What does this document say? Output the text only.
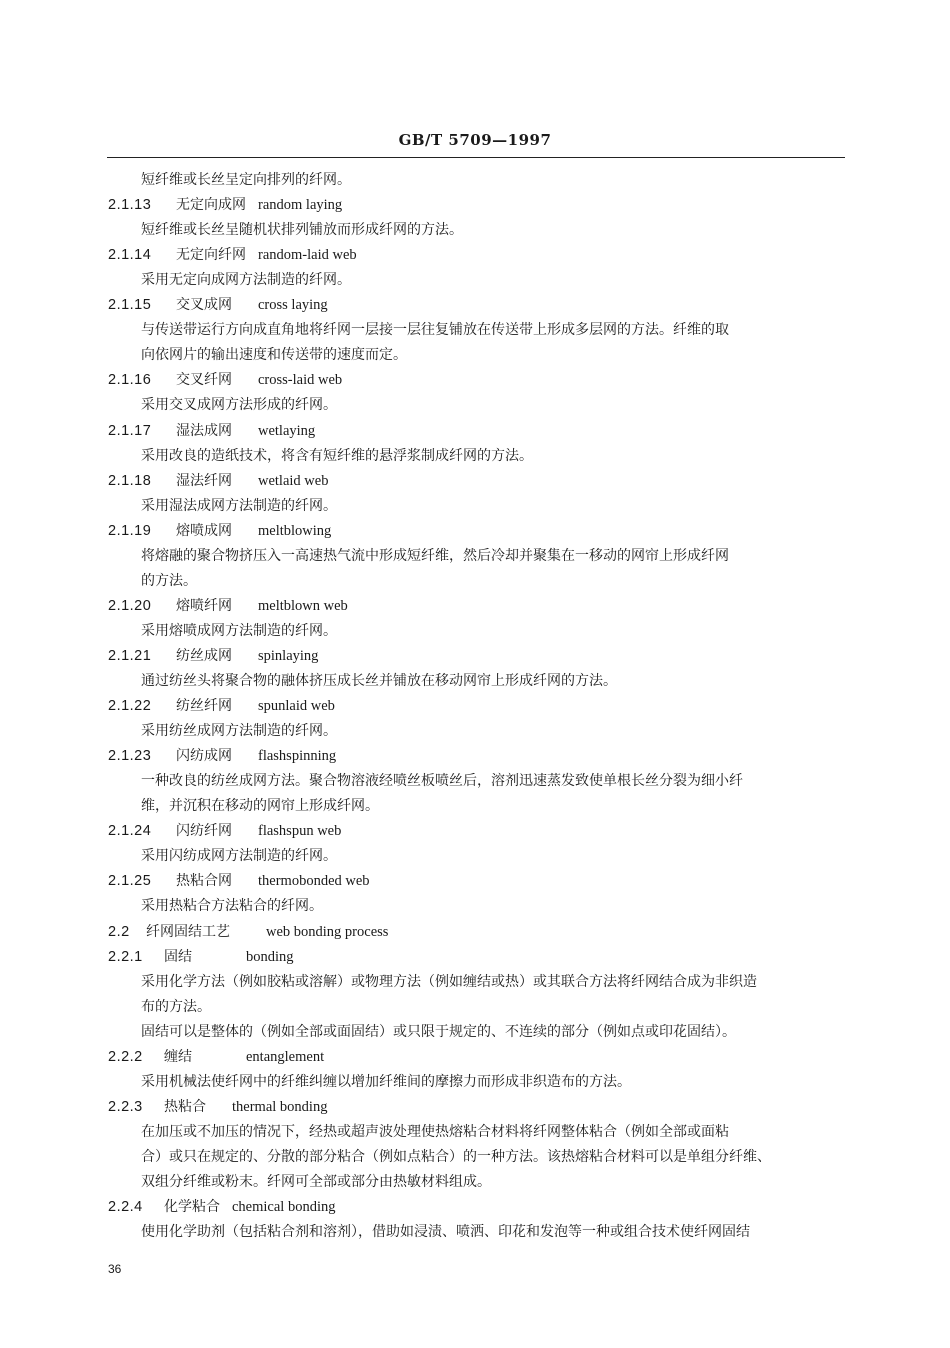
GB/T 5709—1997
短纤维或长丝呈定向排列的纤网。
2.1.13 无定向成网 random laying
短纤维或长丝呈随机状排列铺放而形成纤网的方法。
2.1.14 无定向纤网 random-laid web
采用无定向成网方法制造的纤网。
2.1.15 交叉成网 cross laying
与传送带运行方向成直角地将纤网一层接一层往复铺放在传送带上形成多层网的方法。纤维的取
向依网片的输出速度和传送带的速度而定。
2.1.16 交叉纤网 cross-laid web
采用交叉成网方法形成的纤网。
2.1.17 湿法成网 wetlaying
采用改良的造纸技术，将含有短纤维的悬浮浆制成纤网的方法。
2.1.18 湿法纤网 wetlaid web
采用湿法成网方法制造的纤网。
2.1.19 熔喷成网 meltblowing
将熔融的聚合物挤压入一高速热气流中形成短纤维，然后冷却并聚集在一移动的网帘上形成纤网
的方法。
2.1.20 熔喷纤网 meltblown web
采用熔喷成网方法制造的纤网。
2.1.21 纺丝成网 spinlaying
通过纺丝头将聚合物的融体挤压成长丝并铺放在移动网帘上形成纤网的方法。
2.1.22 纺丝纤网 spunlaid web
采用纺丝成网方法制造的纤网。
2.1.23 闪纺成网 flashspinning
一种改良的纺丝成网方法。聚合物溶液经喷丝板喷丝后，溶剂迅速蒸发致使单根长丝分裂为细小纤
维，并沉积在移动的网帘上形成纤网。
2.1.24 闪纺纤网 flashspun web
采用闪纺成网方法制造的纤网。
2.1.25 热粘合网 thermobonded web
采用热粘合方法粘合的纤网。
2.2 纤网固结工艺 web bonding process
2.2.1 固结	bonding
采用化学方法（例如胶粘或溶解）或物理方法（例如缠结或热）或其联合方法将纤网结合成为非织造
布的方法。
固结可以是整体的（例如全部或面固结）或只限于规定的、不连续的部分（例如点或印花固结）。
2.2.2 缠结	entanglement
采用机械法使纤网中的纤维纠缠以增加纤维间的摩擦力而形成非织造布的方法。
2.2.3 热粘合 thermal bonding
在加压或不加压的情况下，经热或超声波处理使热熔粘合材料将纤网整体粘合（例如全部或面粘
合）或只在规定的、分散的部分粘合（例如点粘合）的一种方法。该热熔粘合材料可以是单组分纤维、
双组分纤维或粉末。纤网可全部或部分由热敏材料组成。
2.2.4 化学粘合 chemical bonding
使用化学助剂（包括粘合剂和溶剂），借助如浸渍、喷洒、印花和发泡等一种或组合技术使纤网固结
36
